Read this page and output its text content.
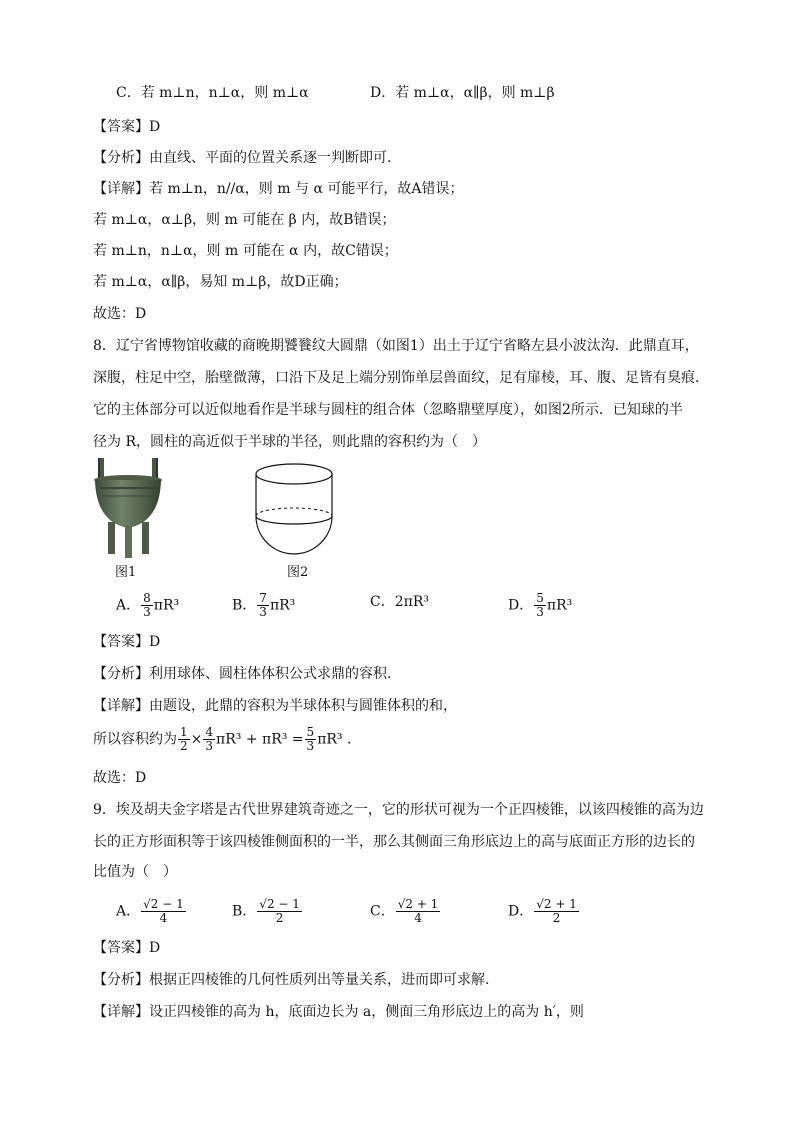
C．若 m⊥n，n⊥α，则 m⊥α	D．若 m⊥α，α∥β，则 m⊥β
【答案】D
【分析】由直线、平面的位置关系逐一判断即可.
【详解】若 m⊥n，n//α，则 m 与 α 可能平行，故A错误；
若 m⊥α，α⊥β，则 m 可能在 β 内，故B错误；
若 m⊥n，n⊥α，则 m 可能在 α 内，故C错误；
若 m⊥α，α∥β，易知 m⊥β，故D正确；
故选：D
8．辽宁省博物馆收藏的商晚期饕餮纹大圆鼎（如图1）出土于辽宁省略左县小波汰沟．此鼎直耳，
深腹，柱足中空，胎壁微薄，口沿下及足上端分别饰单层兽面纹，足有扉棱，耳、腹、足皆有臭痕．
它的主体部分可以近似地看作是半球与圆柱的组合体（忽略鼎壁厚度），如图2所示．已知球的半
径为 R，圆柱的高近似于半球的半径，则此鼎的容积约为（　）
图1	图2
A． $\frac{8}{3} \pi R^3$	B． $\frac{7}{3} \pi R^3$	C．2πR³	D． $\frac{5}{3} \pi R^3$
【答案】D
【分析】利用球体、圆柱体体积公式求鼎的容积.
【详解】由题设，此鼎的容积为半球体积与圆锥体积的和，
所以容积约为 $\frac{1}{2} \times \frac{4}{3} \pi R^3 + \pi R^3 = \frac{5}{3} \pi R^3$ .
故选：D
9．埃及胡夫金字塔是古代世界建筑奇迹之一，它的形状可视为一个正四棱锥，以该四棱锥的高为边
长的正方形面积等于该四棱锥侧面积的一半，那么其侧面三角形底边上的高与底面正方形的边长的
比值为（　）
A． $\frac{√2 - 1}{4}$	B． $\frac{√2 - 1}{2}$	C． $\frac{√2 + 1}{4}$	D． $\frac{√2 + 1}{2}$
【答案】D
【分析】根据正四棱锥的几何性质列出等量关系，进而即可求解.
【详解】设正四棱锥的高为 h，底面边长为 a，侧面三角形底边上的高为 h′，则
